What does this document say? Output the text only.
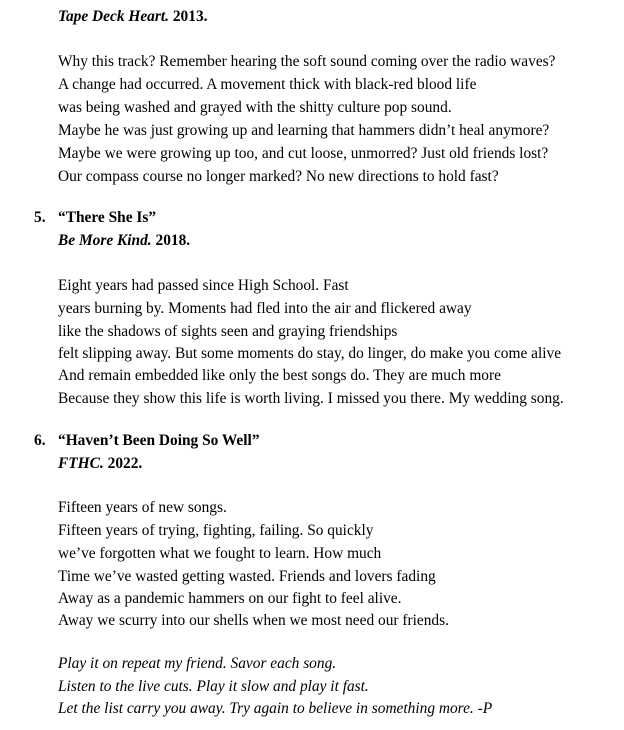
Tape Deck Heart. 2013.
Why this track? Remember hearing the soft sound coming over the radio waves?
A change had occurred. A movement thick with black-red blood life
was being washed and grayed with the shitty culture pop sound.
Maybe he was just growing up and learning that hammers didn’t heal anymore?
Maybe we were growing up too, and cut loose, unmorred? Just old friends lost?
Our compass course no longer marked? No new directions to hold fast?
5. “There She Is”
Be More Kind. 2018.
Eight years had passed since High School. Fast
years burning by. Moments had fled into the air and flickered away
like the shadows of sights seen and graying friendships
felt slipping away. But some moments do stay, do linger, do make you come alive
And remain embedded like only the best songs do. They are much more
Because they show this life is worth living. I missed you there. My wedding song.
6. “Haven’t Been Doing So Well”
FTHC. 2022.
Fifteen years of new songs.
Fifteen years of trying, fighting, failing. So quickly
we’ve forgotten what we fought to learn. How much
Time we’ve wasted getting wasted. Friends and lovers fading
Away as a pandemic hammers on our fight to feel alive.
Away we scurry into our shells when we most need our friends.
Play it on repeat my friend. Savor each song.
Listen to the live cuts. Play it slow and play it fast.
Let the list carry you away. Try again to believe in something more. -P
